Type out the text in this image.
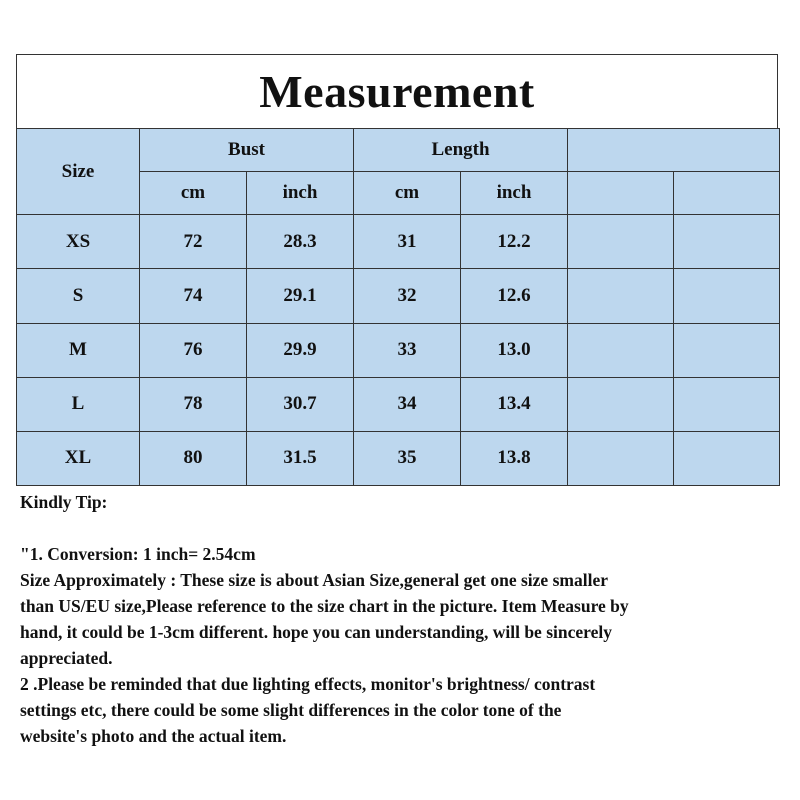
Measurement
Size	Bust		Length			
	cm	inch	cm	inch		
XS	72	28.3	31	12.2		
S	74	29.1	32	12.6		
M	76	29.9	33	13.0		
L	78	30.7	34	13.4		
XL	80	31.5	35	13.8		

Kindly Tip:

"1. Conversion: 1 inch= 2.54cm

Size Approximately : These size is about Asian Size,general get one size smaller

than US/EU size,Please reference to the size chart in the picture. Item Measure by

hand, it could be 1-3cm different. hope you can understanding, will be sincerely

appreciated.

2 .Please be reminded that due lighting effects, monitor's brightness/ contrast

settings etc, there could be some slight differences in the color tone of the

website's photo and the actual item.
